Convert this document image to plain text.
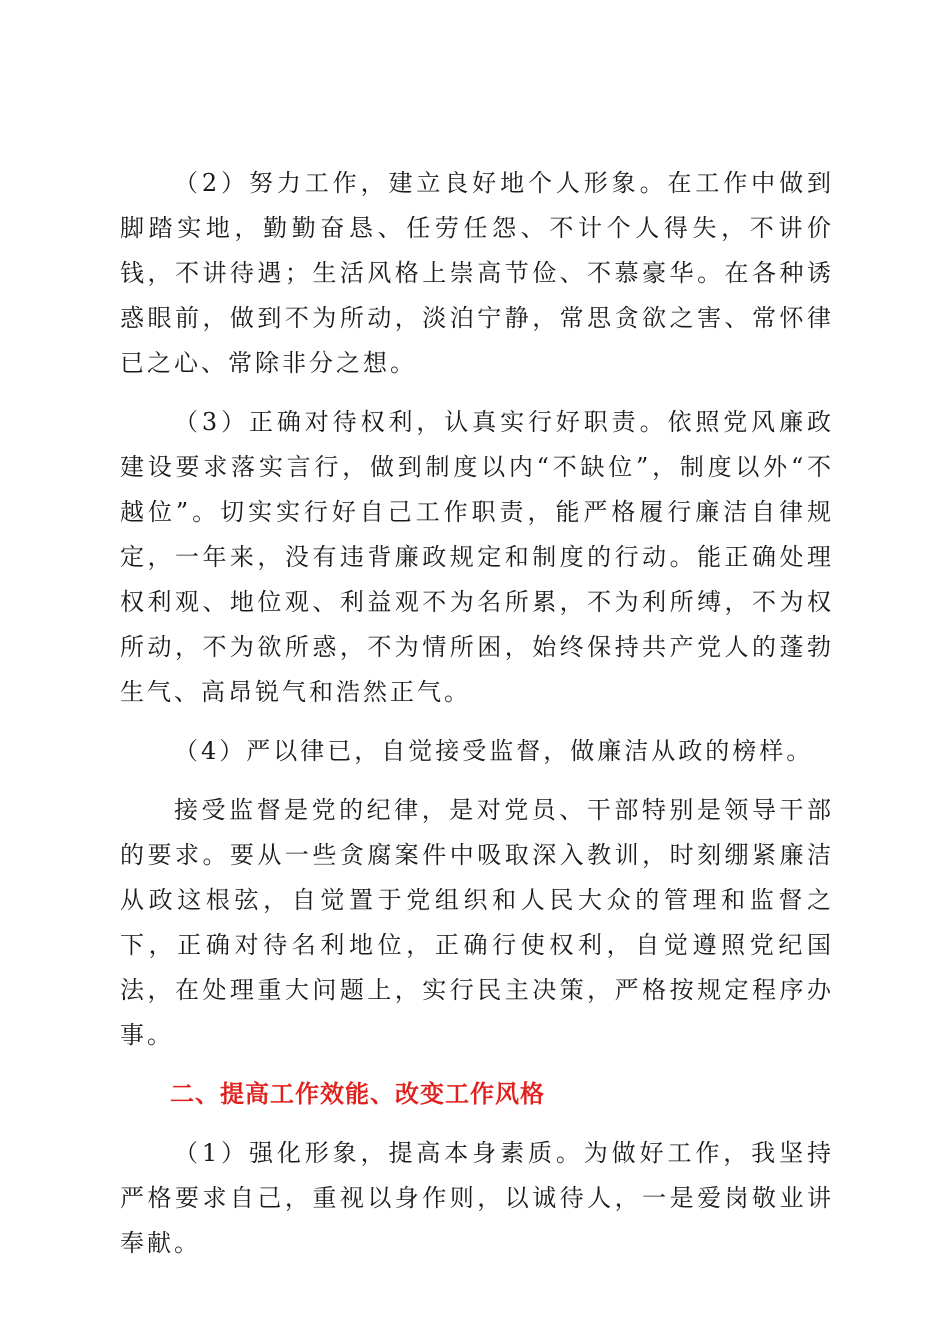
（2）努力工作，建立良好地个人形象。在工作中做到脚踏实地，勤勤奋恳、任劳任怨、不计个人得失，不讲价钱，不讲待遇；生活风格上崇高节俭、不慕豪华。在各种诱惑眼前，做到不为所动，淡泊宁静，常思贪欲之害、常怀律已之心、常除非分之想。

（3）正确对待权利，认真实行好职责。依照党风廉政建设要求落实言行，做到制度以内“不缺位”，制度以外“不越位”。切实实行好自己工作职责，能严格履行廉洁自律规定，一年来，没有违背廉政规定和制度的行动。能正确处理权利观、地位观、利益观不为名所累，不为利所缚，不为权所动，不为欲所惑，不为情所困，始终保持共产党人的蓬勃生气、高昂锐气和浩然正气。

（4）严以律已，自觉接受监督，做廉洁从政的榜样。

接受监督是党的纪律，是对党员、干部特别是领导干部的要求。要从一些贪腐案件中吸取深入教训，时刻绷紧廉洁从政这根弦，自觉置于党组织和人民大众的管理和监督之下，正确对待名利地位，正确行使权利，自觉遵照党纪国法，在处理重大问题上，实行民主决策，严格按规定程序办事。

二、提高工作效能、改变工作风格

（1）强化形象，提高本身素质。为做好工作，我坚持严格要求自己，重视以身作则，以诚待人，一是爱岗敬业讲奉献。
